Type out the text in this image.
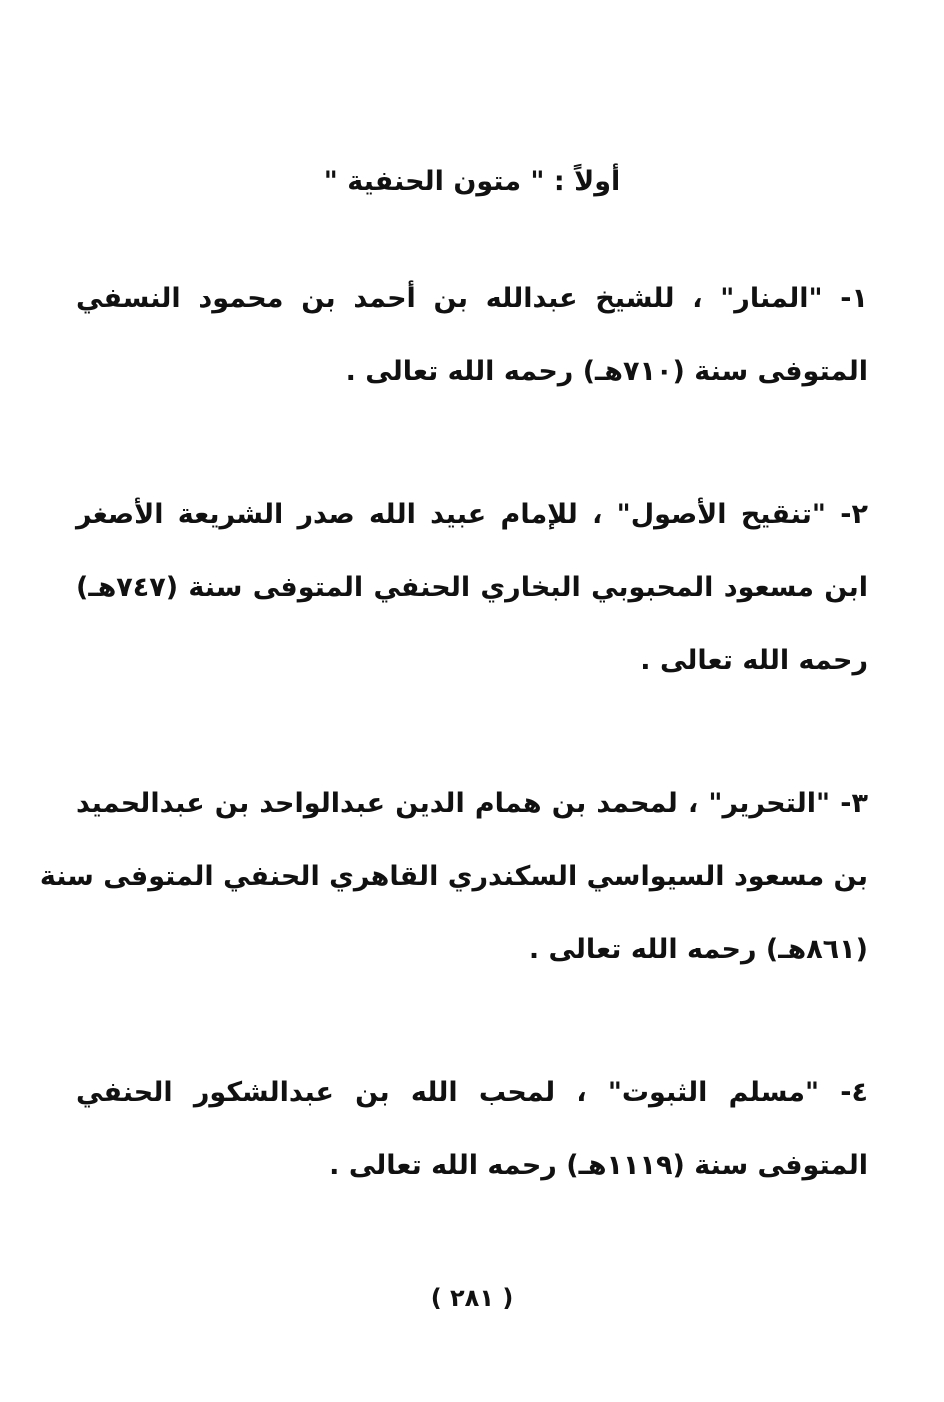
أولاً : " متون الحنفية "

١- "المنار" ، للشيخ عبدالله بن أحمد بن محمود النسفي
المتوفى سنة (٧١٠هـ) رحمه الله تعالى .

٢- "تنقيح الأصول" ، للإمام عبيد الله صدر الشريعة الأصغر
ابن مسعود المحبوبي البخاري الحنفي المتوفى سنة (٧٤٧هـ)
رحمه الله تعالى .

٣- "التحرير" ، لمحمد بن همام الدين عبدالواحد بن عبدالحميد
بن مسعود السيواسي السكندري القاهري الحنفي المتوفى سنة
(٨٦١هـ) رحمه الله تعالى .

٤- "مسلم الثبوت" ، لمحب الله بن عبدالشكور الحنفي
المتوفى سنة (١١١٩هـ) رحمه الله تعالى .

( ٢٨١ )
